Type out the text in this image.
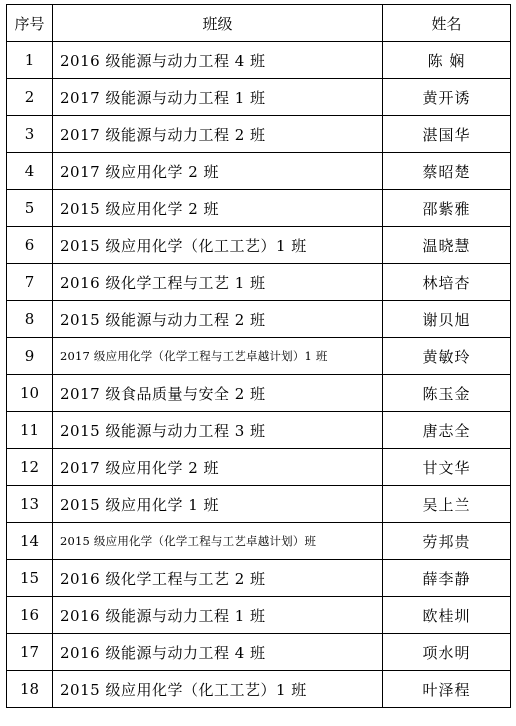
序号	班级	姓名
1	2016 级能源与动力工程 4 班	陈 娴
2	2017 级能源与动力工程 1 班	黄开诱
3	2017 级能源与动力工程 2 班	湛国华
4	2017 级应用化学 2 班	蔡昭楚
5	2015 级应用化学 2 班	邵紫雅
6	2015 级应用化学（化工工艺）1 班	温晓慧
7	2016 级化学工程与工艺 1 班	林培杏
8	2015 级能源与动力工程 2 班	谢贝旭
9	2017 级应用化学（化学工程与工艺卓越计划）1 班	黄敏玲
10	2017 级食品质量与安全 2 班	陈玉金
11	2015 级能源与动力工程 3 班	唐志全
12	2017 级应用化学 2 班	甘文华
13	2015 级应用化学 1 班	吴上兰
14	2015 级应用化学（化学工程与工艺卓越计划）班	劳邦贵
15	2016 级化学工程与工艺 2 班	薛李静
16	2016 级能源与动力工程 1 班	欧桂圳
17	2016 级能源与动力工程 4 班	项水明
18	2015 级应用化学（化工工艺）1 班	叶泽程
